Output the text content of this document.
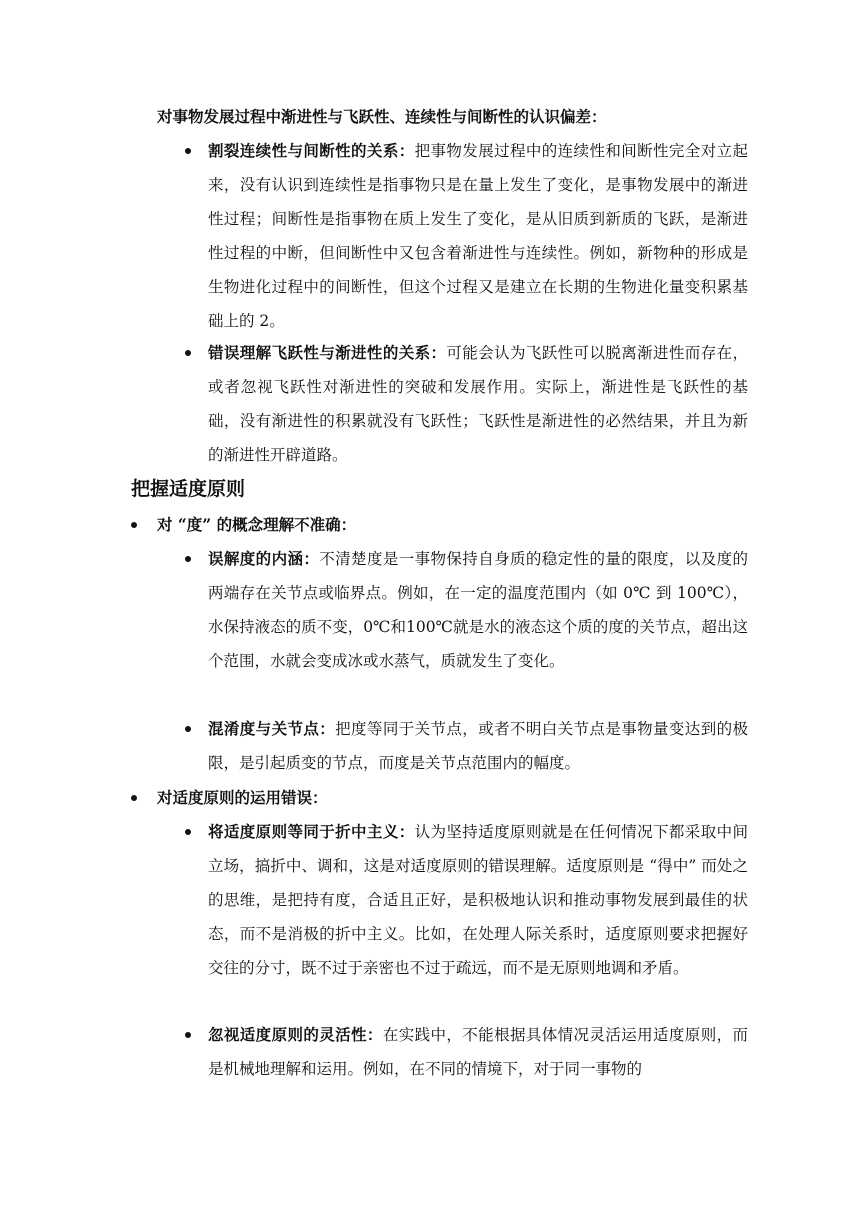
对事物发展过程中渐进性与飞跃性、连续性与间断性的认识偏差：
割裂连续性与间断性的关系：把事物发展过程中的连续性和间断性完全对立起来，没有认识到连续性是指事物只是在量上发生了变化，是事物发展中的渐进性过程；间断性是指事物在质上发生了变化，是从旧质到新质的飞跃，是渐进性过程的中断，但间断性中又包含着渐进性与连续性。例如，新物种的形成是生物进化过程中的间断性，但这个过程又是建立在长期的生物进化量变积累基础上的 2。
错误理解飞跃性与渐进性的关系：可能会认为飞跃性可以脱离渐进性而存在，或者忽视飞跃性对渐进性的突破和发展作用。实际上，渐进性是飞跃性的基础，没有渐进性的积累就没有飞跃性；飞跃性是渐进性的必然结果，并且为新的渐进性开辟道路。
把握适度原则
对 “度” 的概念理解不准确：
误解度的内涵：不清楚度是一事物保持自身质的稳定性的量的限度，以及度的两端存在关节点或临界点。例如，在一定的温度范围内（如 0℃ 到 100℃），水保持液态的质不变，0℃和100℃就是水的液态这个质的度的关节点，超出这个范围，水就会变成冰或水蒸气，质就发生了变化。
混淆度与关节点：把度等同于关节点，或者不明白关节点是事物量变达到的极限，是引起质变的节点，而度是关节点范围内的幅度。
对适度原则的运用错误：
将适度原则等同于折中主义：认为坚持适度原则就是在任何情况下都采取中间立场，搞折中、调和，这是对适度原则的错误理解。适度原则是 “得中” 而处之的思维，是把持有度，合适且正好，是积极地认识和推动事物发展到最佳的状态，而不是消极的折中主义。比如，在处理人际关系时，适度原则要求把握好交往的分寸，既不过于亲密也不过于疏远，而不是无原则地调和矛盾。
忽视适度原则的灵活性：在实践中，不能根据具体情况灵活运用适度原则，而是机械地理解和运用。例如，在不同的情境下，对于同一事物的
